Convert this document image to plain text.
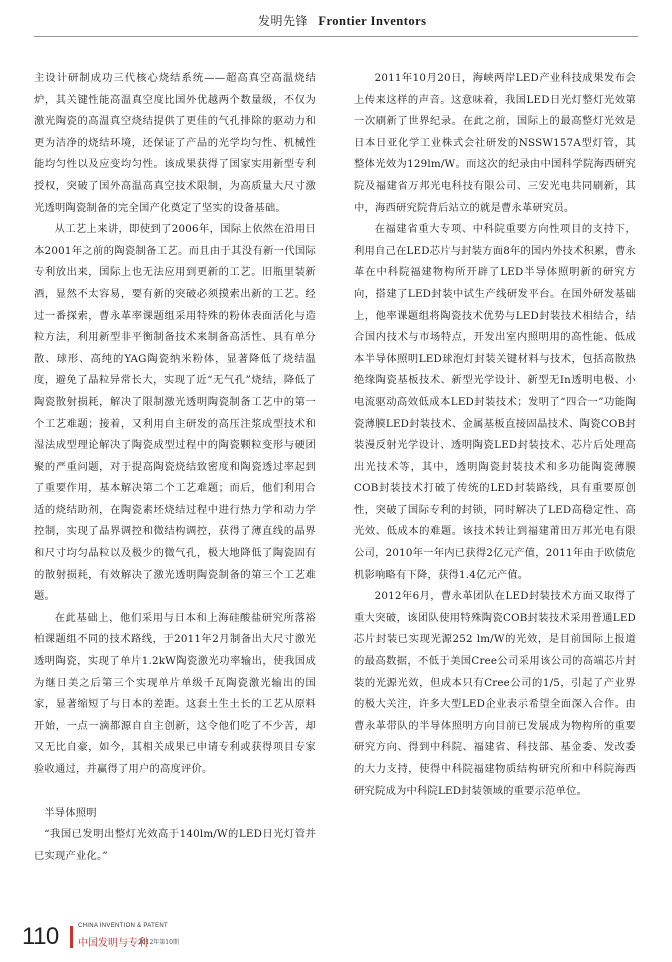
发明先锋 Frontier Inventors

主设计研制成功三代核心烧结系统——超高真空高温烧结炉，其关键性能高温真空度比国外优越两个数量级，不仅为激光陶瓷的高温真空烧结提供了更佳的气孔排除的驱动力和更为洁净的烧结环境，还保证了产品的光学均匀性、机械性能均匀性以及应变均匀性。该成果获得了国家实用新型专利授权，突破了国外高温高真空技术限制，为高质量大尺寸激光透明陶瓷制备的完全国产化奠定了坚实的设备基础。

从工艺上来讲，即使到了2006年，国际上依然在沿用日本2001年之前的陶瓷制备工艺。而且由于其没有新一代国际专利放出来，国际上也无法应用到更新的工艺。旧瓶里装新酒，显然不太容易，要有新的突破必须摸索出新的工艺。经过一番探索，曹永革率课题组采用特殊的粉体表面活化与造粒方法，利用新型非平衡制备技术来制备高活性、具有单分散、球形、高纯的YAG陶瓷纳米粉体，显著降低了烧结温度，避免了晶粒异常长大，实现了近“无气孔”烧结，降低了陶瓷散射损耗，解决了限制激光透明陶瓷制备工艺中的第一个工艺难题；接着，又利用自主研发的高压注浆成型技术和湿法成型理论解决了陶瓷成型过程中的陶瓷颗粒变形与硬团聚的严重问题，对于提高陶瓷烧结致密度和陶瓷透过率起到了重要作用，基本解决第二个工艺难题；而后，他们利用合适的烧结助剂，在陶瓷素坯烧结过程中进行热力学和动力学控制，实现了晶界调控和微结构调控，获得了薄直线的晶界和尺寸均匀晶粒以及极少的微气孔，极大地降低了陶瓷固有的散射损耗，有效解决了激光透明陶瓷制备的第三个工艺难题。

在此基础上，他们采用与日本和上海硅酸盐研究所落裕柏课题组不同的技术路线，于2011年2月制备出大尺寸激光透明陶瓷，实现了单片1.2kW陶瓷激光功率输出，使我国成为继日美之后第三个实现单片单级千瓦陶瓷激光输出的国家，显著缩短了与日本的差距。这套土生土长的工艺从原料开始，一点一滴都源自自主创新，这令他们吃了不少苦，却又无比自豪，如今，其相关成果已申请专利或获得项目专家验收通过，并赢得了用户的高度评价。

半导体照明

“我国已发明出整灯光效高于140lm/W的LED日光灯管并已实现产业化。”

2011年10月20日，海峡两岸LED产业科技成果发布会上传来这样的声音。这意味着，我国LED日光灯整灯光效第一次刷新了世界纪录。在此之前，国际上的最高整灯光效是日本日亚化学工业株式会社研发的NSSW157A型灯管，其整体光效为129lm/W。而这次的纪录由中国科学院海西研究院及福建省万邦光电科技有限公司、三安光电共同刷新，其中，海西研究院背后站立的就是曹永革研究员。

在福建省重大专项、中科院重要方向性项目的支持下，利用自己在LED芯片与封装方面8年的国内外技术积累，曹永革在中科院福建物构所开辟了LED半导体照明新的研究方向，搭建了LED封装中试生产线研发平台。在国外研发基础上，他率课题组将陶瓷技术优势与LED封装技术相结合，结合国内技术与市场特点，开发出室内照明用的高性能、低成本半导体照明LED球泡灯封装关键材料与技术，包括高散热绝缘陶瓷基板技术、新型光学设计、新型无In透明电极、小电流驱动高效低成本LED封装技术；发明了“四合一”功能陶瓷薄膜LED封装技术、金属基板直接固晶技术、陶瓷COB封装漫反射光学设计、透明陶瓷LED封装技术、芯片后处理高出光技术等，其中，透明陶瓷封装技术和多功能陶瓷薄膜COB封装技术打破了传统的LED封装路线，具有重要原创性，突破了国际专利的封锁，同时解决了LED高稳定性、高光效、低成本的难题。该技术转让到福建莆田万邦光电有限公司，2010年一年内已获得2亿元产值，2011年由于欧债危机影响略有下降，获得1.4亿元产值。

2012年6月，曹永革团队在LED封装技术方面又取得了重大突破，该团队使用特殊陶瓷COB封装技术采用普通LED芯片封装已实现光源252 lm/W的光效，是目前国际上报道的最高数据，不低于美国Cree公司采用该公司的高端芯片封装的光源光效，但成本只有Cree公司的1/5，引起了产业界的极大关注，许多大型LED企业表示希望全面深入合作。由曹永革带队的半导体照明方向目前已发展成为物构所的重要研究方向、得到中科院、福建省、科技部、基金委、发改委的大力支持，使得中科院福建物质结构研究所和中科院海西研究院成为中科院LED封装领域的重要示范单位。

110	CHINA INVENTION & PATENT
中国发明与专利
2012年第10期
